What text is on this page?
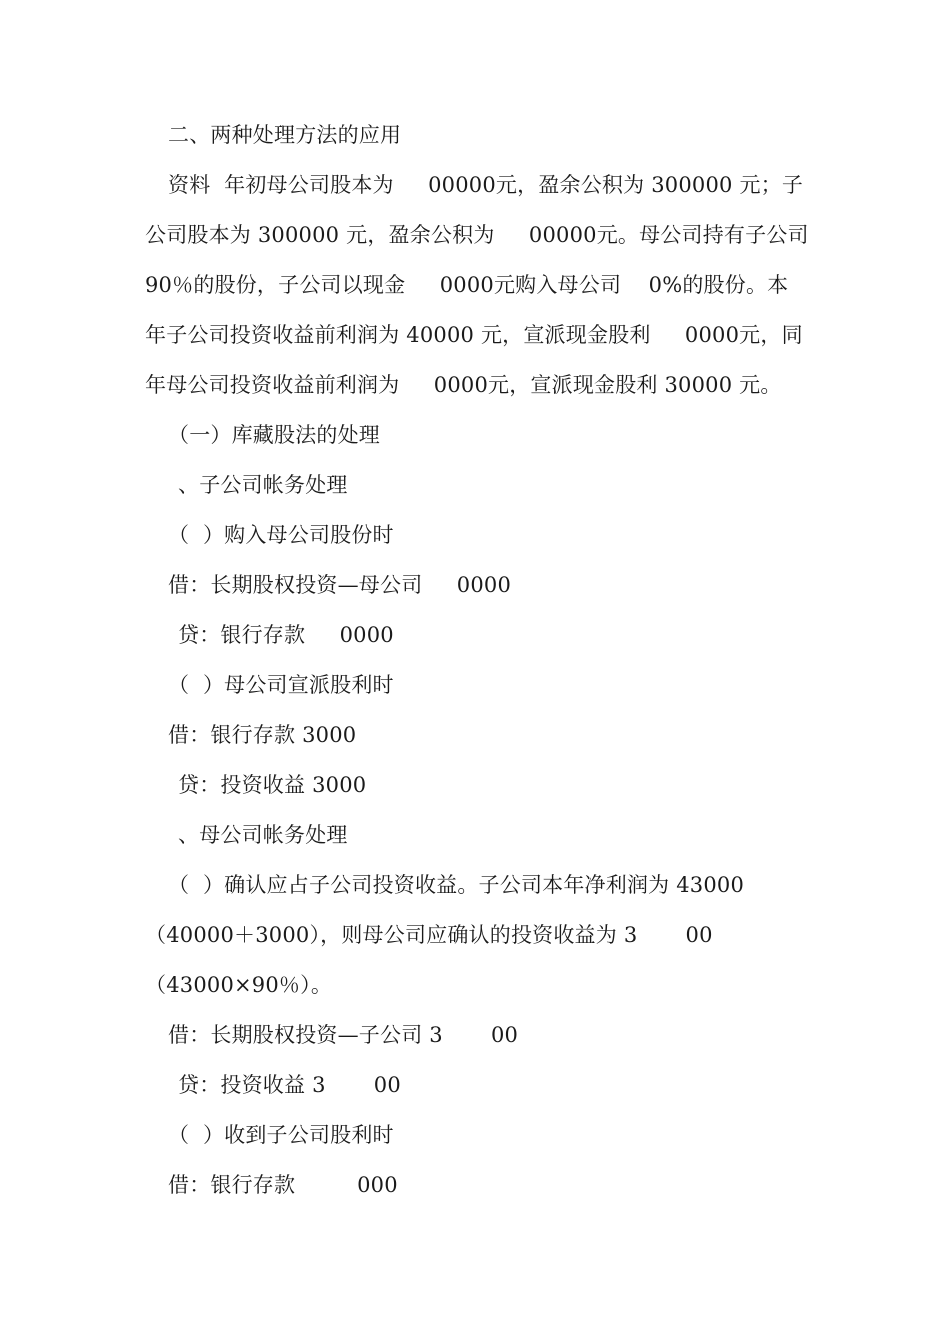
二、两种处理方法的应用
资料  年初母公司股本为     00000元，盈余公积为 300000 元；子
公司股本为 300000 元，盈余公积为     00000元。母公司持有子公司
90％的股份，子公司以现金     0000元购入母公司    0%的股份。本
年子公司投资收益前利润为 40000 元，宣派现金股利     0000元，同
年母公司投资收益前利润为     0000元，宣派现金股利 30000 元。
（一）库藏股法的处理
、子公司帐务处理
（  ）购入母公司股份时
借：长期股权投资—母公司     0000
贷：银行存款     0000
（  ）母公司宣派股利时
借：银行存款 3000
贷：投资收益 3000
、母公司帐务处理
（  ）确认应占子公司投资收益。子公司本年净利润为 43000
（40000＋3000），则母公司应确认的投资收益为 3       00
（43000×90％）。
借：长期股权投资—子公司 3       00
贷：投资收益 3       00
（  ）收到子公司股利时
借：银行存款         000
